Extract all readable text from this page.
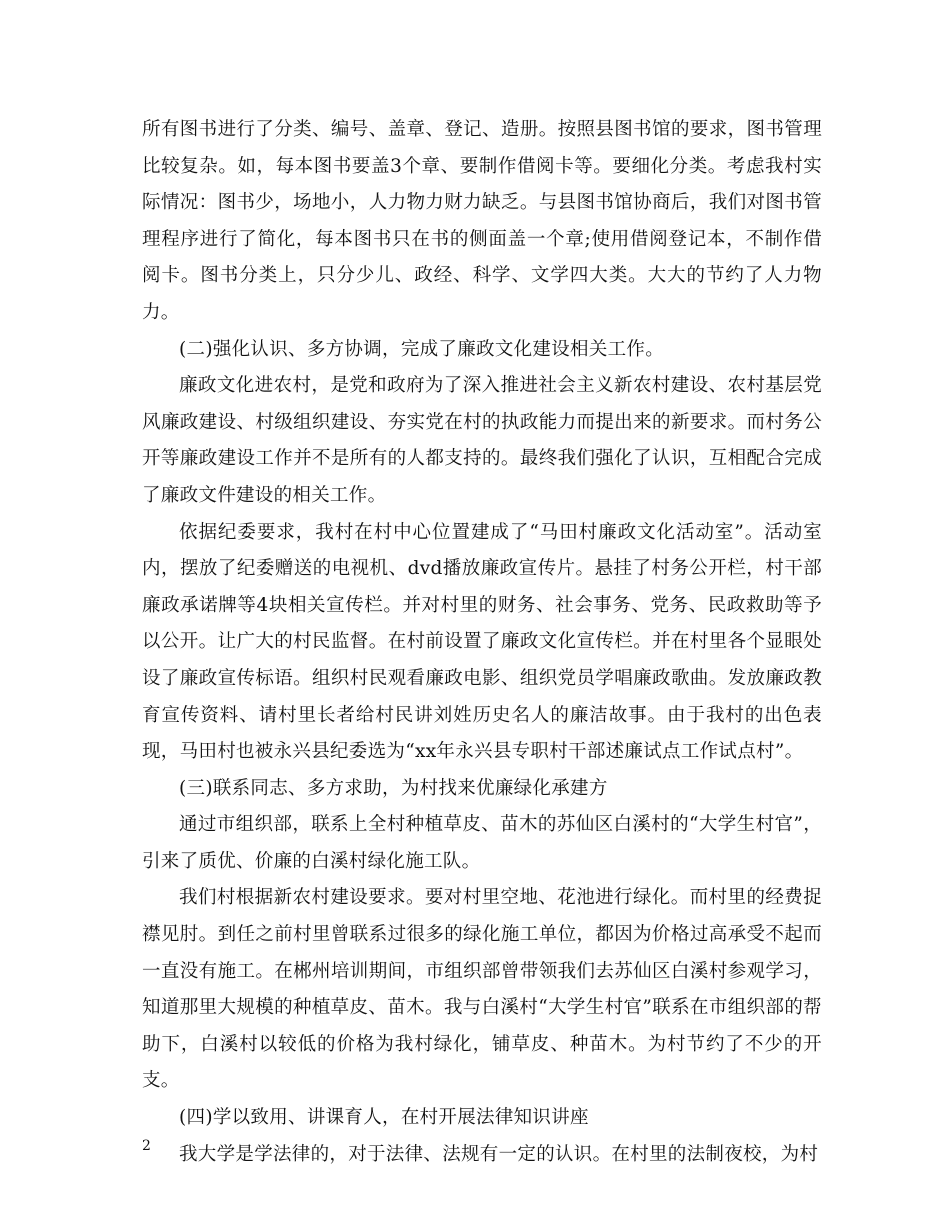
所有图书进行了分类、编号、盖章、登记、造册。按照县图书馆的要求，图书管理比较复杂。如，每本图书要盖3个章、要制作借阅卡等。要细化分类。考虑我村实际情况：图书少，场地小，人力物力财力缺乏。与县图书馆协商后，我们对图书管理程序进行了简化，每本图书只在书的侧面盖一个章;使用借阅登记本，不制作借阅卡。图书分类上，只分少儿、政经、科学、文学四大类。大大的节约了人力物力。

(二)强化认识、多方协调，完成了廉政文化建设相关工作。

廉政文化进农村，是党和政府为了深入推进社会主义新农村建设、农村基层党风廉政建设、村级组织建设、夯实党在村的执政能力而提出来的新要求。而村务公开等廉政建设工作并不是所有的人都支持的。最终我们强化了认识，互相配合完成了廉政文件建设的相关工作。

依据纪委要求，我村在村中心位置建成了“马田村廉政文化活动室”。活动室内，摆放了纪委赠送的电视机、dvd播放廉政宣传片。悬挂了村务公开栏，村干部廉政承诺牌等4块相关宣传栏。并对村里的财务、社会事务、党务、民政救助等予以公开。让广大的村民监督。在村前设置了廉政文化宣传栏。并在村里各个显眼处设了廉政宣传标语。组织村民观看廉政电影、组织党员学唱廉政歌曲。发放廉政教育宣传资料、请村里长者给村民讲刘姓历史名人的廉洁故事。由于我村的出色表现，马田村也被永兴县纪委选为“xx年永兴县专职村干部述廉试点工作试点村”。

(三)联系同志、多方求助，为村找来优廉绿化承建方

通过市组织部，联系上全村种植草皮、苗木的苏仙区白溪村的“大学生村官”，引来了质优、价廉的白溪村绿化施工队。

我们村根据新农村建设要求。要对村里空地、花池进行绿化。而村里的经费捉襟见肘。到任之前村里曾联系过很多的绿化施工单位，都因为价格过高承受不起而一直没有施工。在郴州培训期间，市组织部曾带领我们去苏仙区白溪村参观学习，知道那里大规模的种植草皮、苗木。我与白溪村“大学生村官”联系在市组织部的帮助下，白溪村以较低的价格为我村绿化，铺草皮、种苗木。为村节约了不少的开支。

(四)学以致用、讲课育人，在村开展法律知识讲座

我大学是学法律的，对于法律、法规有一定的认识。在村里的法制夜校，为村

2
